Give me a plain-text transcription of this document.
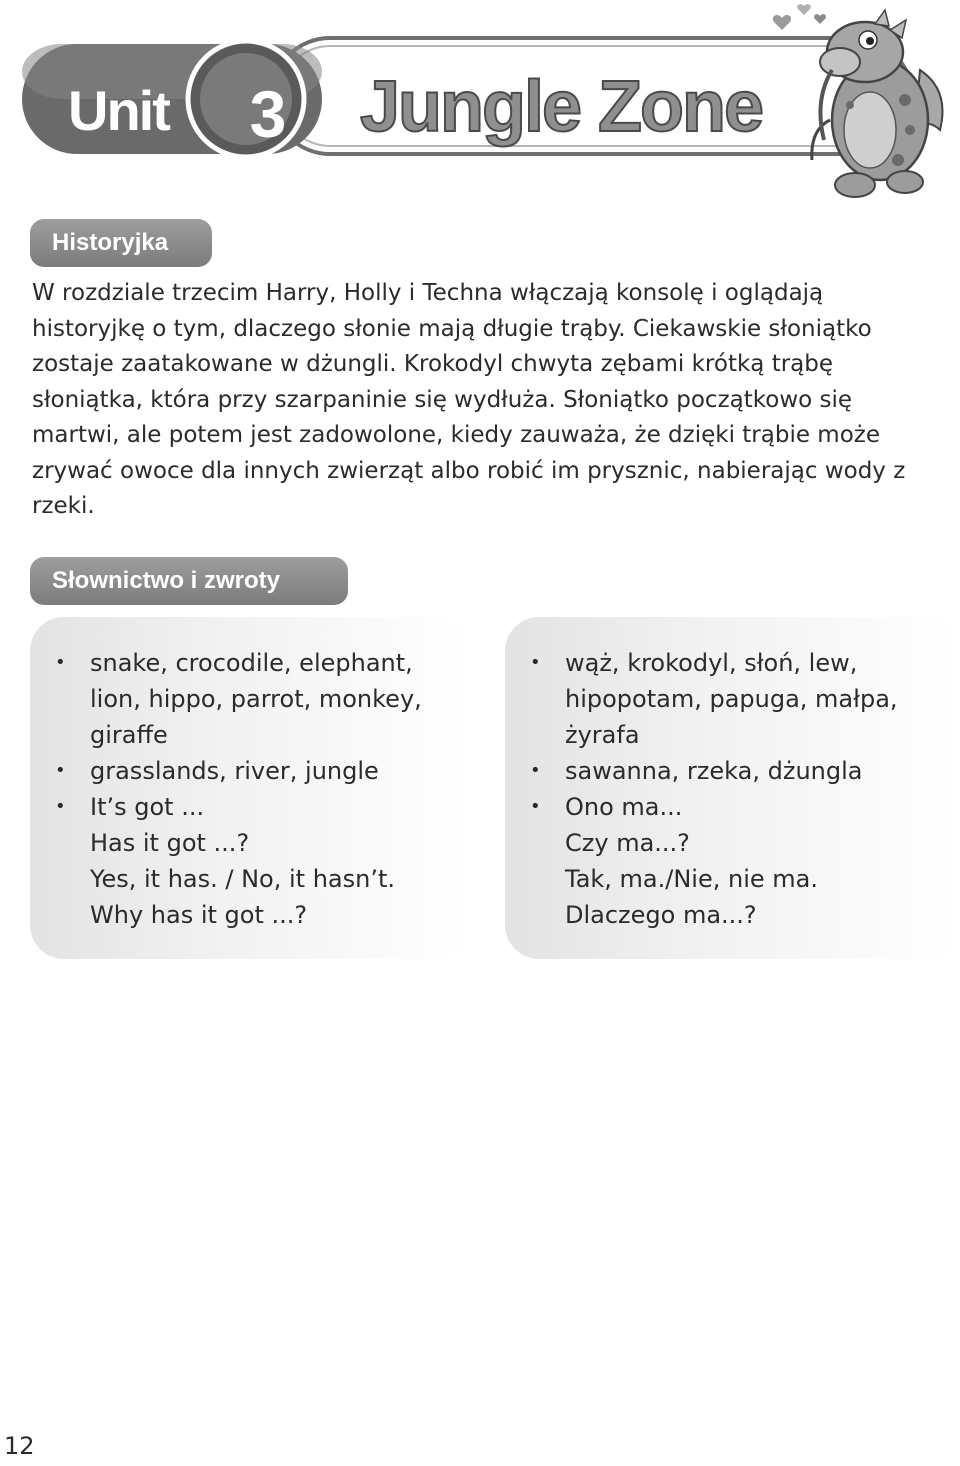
Unit 3 Jungle Zone
Historyjka

W rozdziale trzecim Harry, Holly i Techna włączają konsolę i oglądają historyjkę o tym, dlaczego słonie mają długie trąby. Ciekawskie słoniątko zostaje zaatakowane w dżungli. Krokodyl chwyta zębami krótką trąbę słoniątka, która przy szarpaninie się wydłuża. Słoniątko początkowo się martwi, ale potem jest zadowolone, kiedy zauważa, że dzięki trąbie może zrywać owoce dla innych zwierząt albo robić im prysznic, nabierając wody z rzeki.

Słownictwo i zwroty
• snake, crocodile, elephant,
lion, hippo, parrot, monkey,
giraffe
• grasslands, river, jungle
• It’s got ...
Has it got ...?
Yes, it has. / No, it hasn’t.
Why has it got ...?
• wąż, krokodyl, słoń, lew,
hipopotam, papuga, małpa,
żyrafa
• sawanna, rzeka, dżungla
• Ono ma...
Czy ma...?
Tak, ma./Nie, nie ma.
Dlaczego ma...?
12
